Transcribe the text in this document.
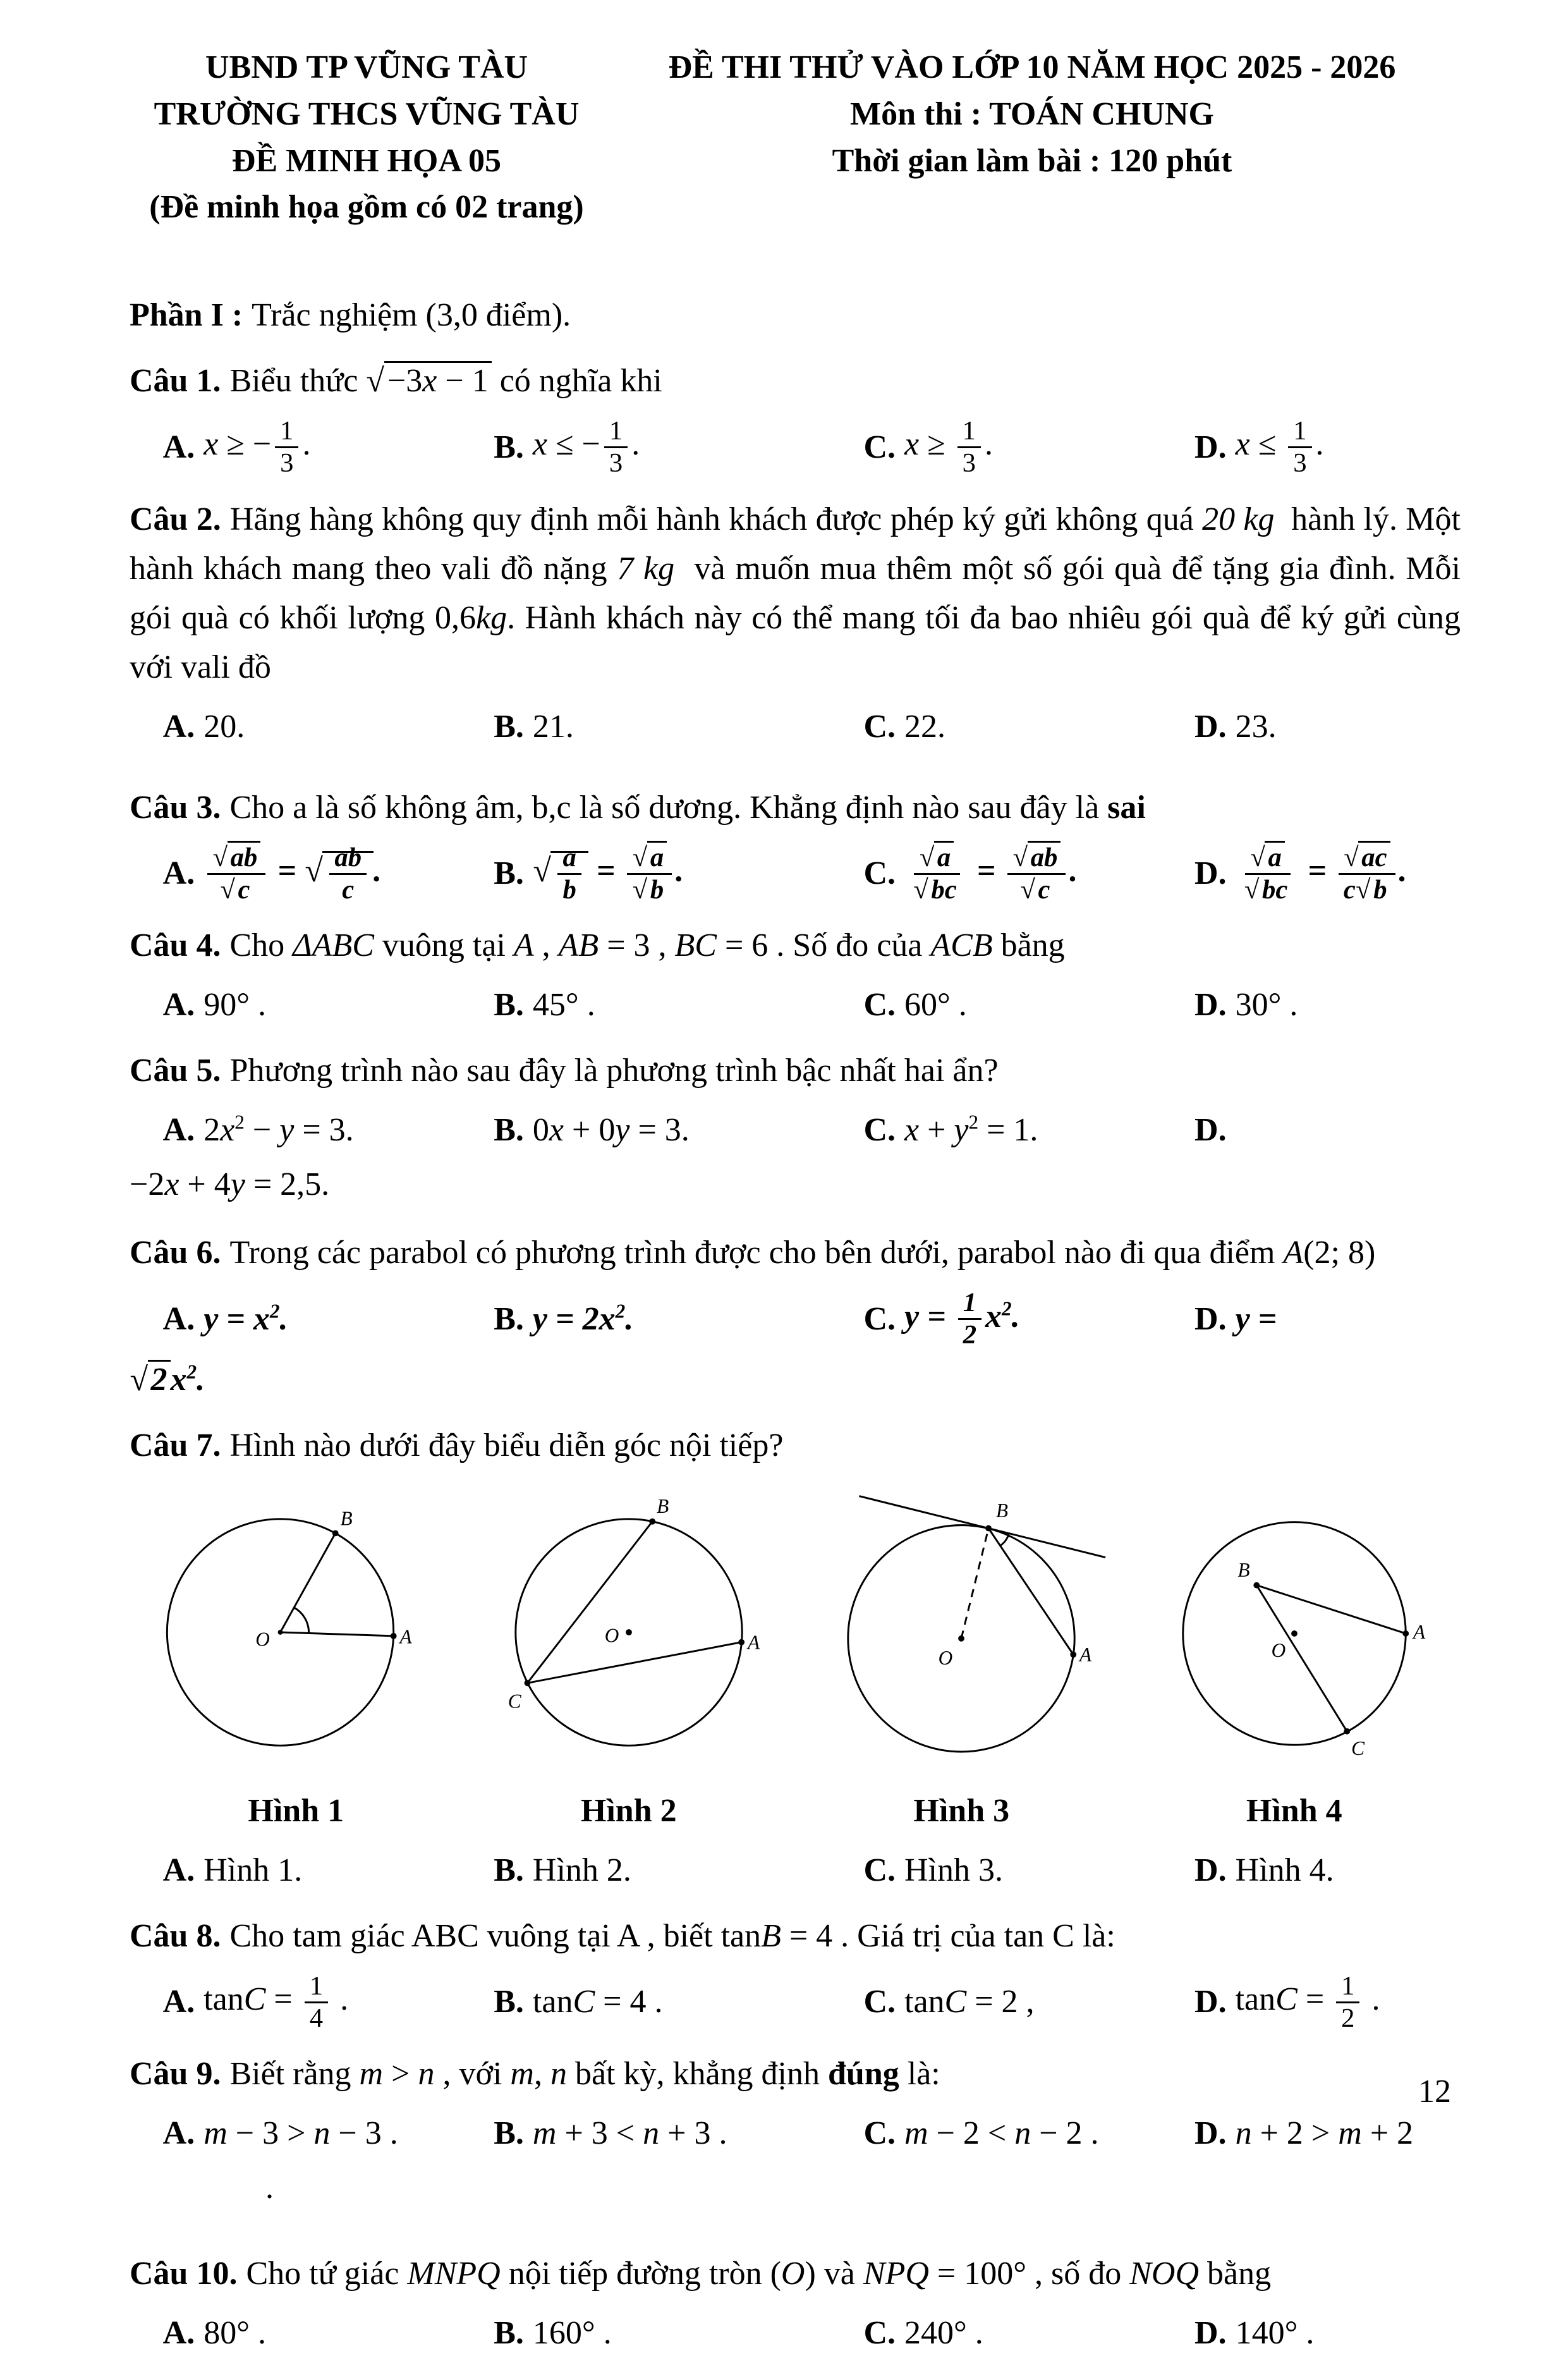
UBND TP VŨNG TÀU
TRƯỜNG THCS VŨNG TÀU
ĐỀ MINH HỌA 05
(Đề minh họa gồm có 02 trang)
ĐỀ THI THỬ VÀO LỚP 10 NĂM HỌC 2025 - 2026
Môn thi : TOÁN CHUNG
Thời gian làm bài : 120 phút

Phần I : Trắc nghiệm (3,0 điểm).

Câu 1. Biểu thức √−3x − 1 có nghĩa khi

A. x ≥ − $\frac{1}{3}$ .	B. x ≤ − $\frac{1}{3}$ .	C. $x \ge \frac{1}{3}$ .	D. $x \le \frac{1}{3}$ .

Câu 2. Hãng hàng không quy định mỗi hành khách được phép ký gửi không quá 20 kg  hành lý. Một hành khách mang theo vali đồ nặng 7 kg  và muốn mua thêm một số gói quà để tặng gia đình. Mỗi gói quà có khối lượng 0,6kg. Hành khách này có thể mang tối đa bao nhiêu gói quà để ký gửi cùng với vali đồ

A. 20.	B. 21.	C. 22.	D. 23.

Câu 3. Cho a là số không âm, b,c là số dương. Khẳng định nào sau đây là sai

A. $\frac{√ ab}{√ c}$ = √ $\frac{ab}{c}$ .	B. √ $\frac{a}{b} = \frac{√ a}{√ b}$ .	C. $\frac{√ a}{√ bc} = \frac{√ ab}{√ c}$ .	D. $\frac{√ a}{√ bc} = \frac{√ ac}{c√ b}$ .

Câu 4. Cho ΔABC vuông tại A , AB = 3 , BC = 6 . Số đo của ACB bằng

A. 90° .	B. 45° .	C. 60° .	D. 30° .

Câu 5. Phương trình nào sau đây là phương trình bậc nhất hai ẩn?

A. $2x^2 - y = 3$.	B. 0x + 0y = 3.	C. $x + y^2 = 1$.	D.

−2x + 4y = 2,5.

Câu 6. Trong các parabol có phương trình được cho bên dưới, parabol nào đi qua điểm A(2; 8)

A. $y = x^2$.	B. $y = 2x^2$.	C. $y = \frac{1}{2} x^2$.	D. y =

$√2x^2$.

Câu 7. Hình nào dưới đây biểu diễn góc nội tiếp?

B
A
O
B
A
O
C
B
A
O
B
A
O
C
Hình 1	Hình 2	Hình 3	Hình 4
A. Hình 1.	B. Hình 2.	C. Hình 3.	D. Hình 4.

Câu 8. Cho tam giác ABC vuông tại A , biết tanB = 4 . Giá trị của tan C là:

A. $\tan C = \frac{1}{4}$ .	B. tanC = 4 .	C. tanC = 2 ,	D. $\tan C = \frac{1}{2}$ .

Câu 9. Biết rằng m > n , với m, n bất kỳ, khẳng định đúng là:

A. m − 3 > n − 3 .	B. m + 3 < n + 3 .	C. m − 2 < n − 2 .	D. n + 2 > m + 2

.

Câu 10. Cho tứ giác MNPQ nội tiếp đường tròn (O) và NPQ = 100° , số đo NOQ bằng

A. 80° .	B. 160° .	C. 240° .	D. 140° .
12
